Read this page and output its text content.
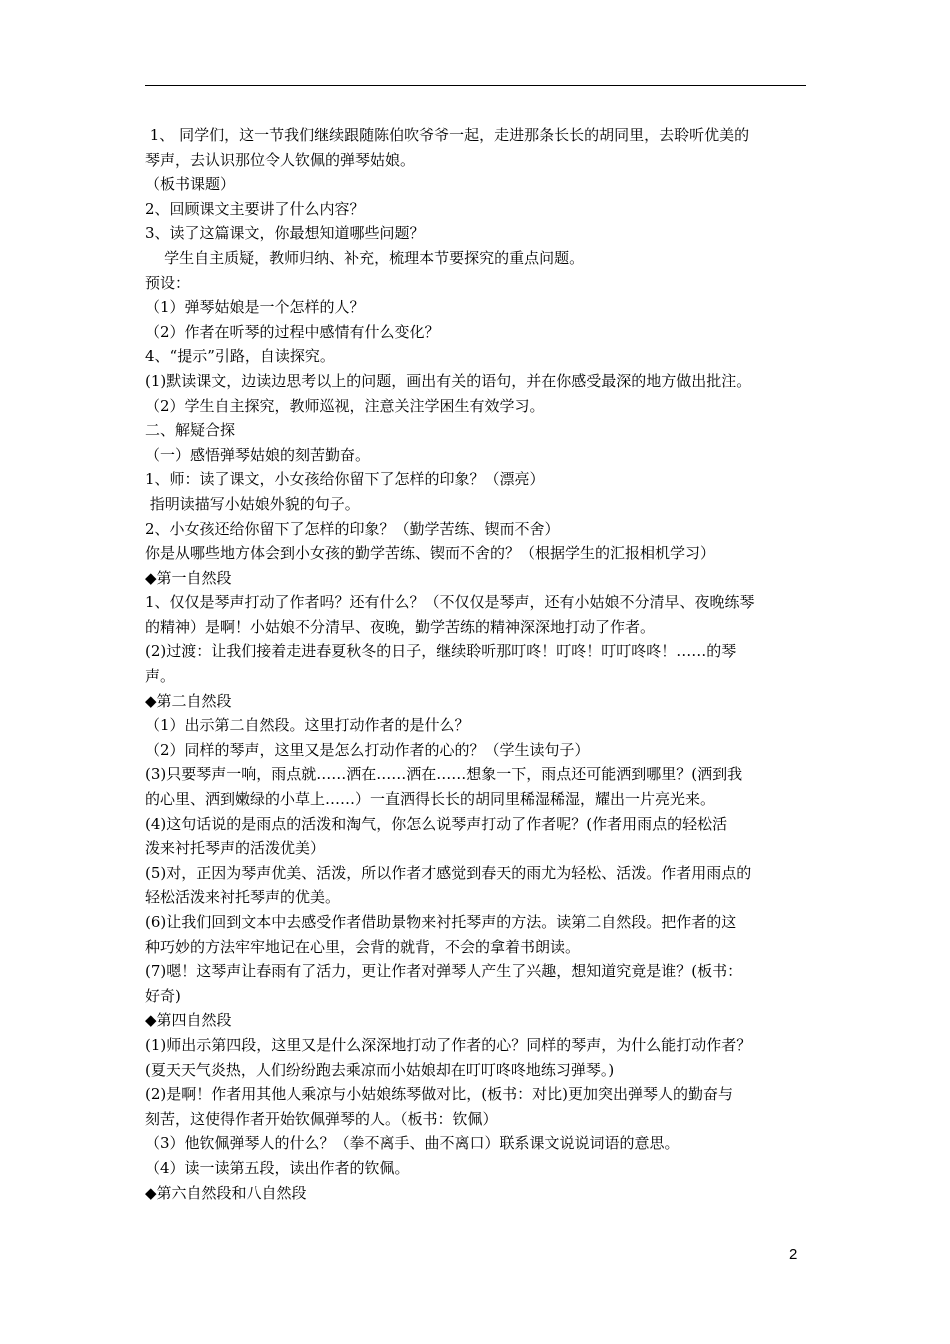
1、 同学们，这一节我们继续跟随陈伯吹爷爷一起，走进那条长长的胡同里，去聆听优美的

琴声，去认识那位令人钦佩的弹琴姑娘。

（板书课题）

2、回顾课文主要讲了什么内容？

3、读了这篇课文，你最想知道哪些问题？

学生自主质疑，教师归纳、补充，梳理本节要探究的重点问题。

预设：

（1）弹琴姑娘是一个怎样的人？

（2）作者在听琴的过程中感情有什么变化？

4、“提示”引路，自读探究。

(1)默读课文，边读边思考以上的问题，画出有关的语句，并在你感受最深的地方做出批注。

（2）学生自主探究，教师巡视，注意关注学困生有效学习。

二、解疑合探

（一）感悟弹琴姑娘的刻苦勤奋。

1、师：读了课文，小女孩给你留下了怎样的印象？（漂亮）

指明读描写小姑娘外貌的句子。

2、小女孩还给你留下了怎样的印象？（勤学苦练、锲而不舍）

你是从哪些地方体会到小女孩的勤学苦练、锲而不舍的？（根据学生的汇报相机学习）

◆第一自然段

1、仅仅是琴声打动了作者吗？还有什么？（不仅仅是琴声，还有小姑娘不分清早、夜晚练琴

的精神）是啊！小姑娘不分清早、夜晚，勤学苦练的精神深深地打动了作者。

(2)过渡：让我们接着走进春夏秋冬的日子，继续聆听那叮咚！叮咚！叮叮咚咚！……的琴

声。

◆第二自然段

（1）出示第二自然段。这里打动作者的是什么？

（2）同样的琴声，这里又是怎么打动作者的心的？（学生读句子）

(3)只要琴声一响，雨点就……洒在……洒在……想象一下，雨点还可能洒到哪里？(洒到我

的心里、洒到嫩绿的小草上……）一直洒得长长的胡同里稀湿稀湿，耀出一片亮光来。

(4)这句话说的是雨点的活泼和淘气，你怎么说琴声打动了作者呢？(作者用雨点的轻松活

泼来衬托琴声的活泼优美）

(5)对，正因为琴声优美、活泼，所以作者才感觉到春天的雨尤为轻松、活泼。作者用雨点的

轻松活泼来衬托琴声的优美。

(6)让我们回到文本中去感受作者借助景物来衬托琴声的方法。读第二自然段。把作者的这

种巧妙的方法牢牢地记在心里，会背的就背，不会的拿着书朗读。

(7)嗯！这琴声让春雨有了活力，更让作者对弹琴人产生了兴趣，想知道究竟是谁？(板书：

好奇)

◆第四自然段

(1)师出示第四段，这里又是什么深深地打动了作者的心？同样的琴声，为什么能打动作者？

(夏天天气炎热，人们纷纷跑去乘凉而小姑娘却在叮叮咚咚地练习弹琴。)

(2)是啊！作者用其他人乘凉与小姑娘练琴做对比，(板书：对比)更加突出弹琴人的勤奋与

刻苦，这使得作者开始钦佩弹琴的人。（板书：钦佩）

（3）他钦佩弹琴人的什么？（拳不离手、曲不离口）联系课文说说词语的意思。

（4）读一读第五段，读出作者的钦佩。

◆第六自然段和八自然段

2
